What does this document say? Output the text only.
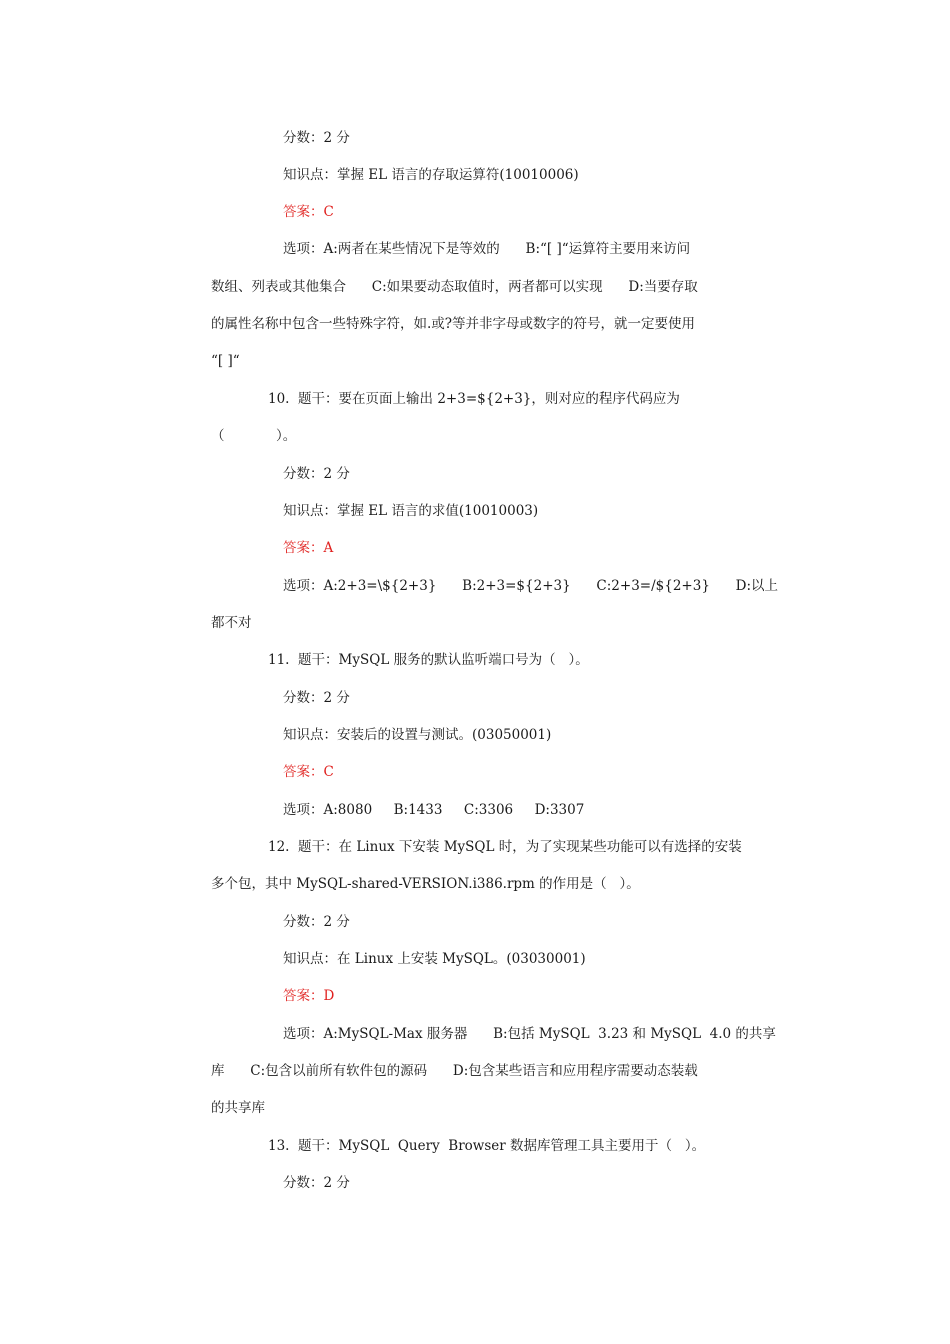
分数：2 分
知识点：掌握 EL 语言的存取运算符(10010006)
答案：C
选项：A:两者在某些情况下是等效的      B:“[ ]“运算符主要用来访问
数组、列表或其他集合      C:如果要动态取值时，两者都可以实现      D:当要存取
的属性名称中包含一些特殊字符，如.或?等并非字母或数字的符号，就一定要使用
“[ ]“
10.  题干：要在页面上输出 2+3=${2+3}，则对应的程序代码应为
（            ）。
分数：2 分
知识点：掌握 EL 语言的求值(10010003)
答案：A
选项：A:2+3=\${2+3}      B:2+3=${2+3}      C:2+3=/${2+3}      D:以上
都不对
11.  题干：MySQL 服务的默认监听端口号为（   ）。
分数：2 分
知识点：安装后的设置与测试。(03050001)
答案：C
选项：A:8080     B:1433     C:3306     D:3307
12.  题干：在 Linux 下安装 MySQL 时，为了实现某些功能可以有选择的安装
多个包，其中 MySQL-shared-VERSION.i386.rpm 的作用是（   ）。
分数：2 分
知识点：在 Linux 上安装 MySQL。(03030001)
答案：D
选项：A:MySQL-Max 服务器      B:包括 MySQL  3.23 和 MySQL  4.0 的共享
库      C:包含以前所有软件包的源码      D:包含某些语言和应用程序需要动态装载
的共享库
13.  题干：MySQL  Query  Browser 数据库管理工具主要用于（   ）。
分数：2 分
